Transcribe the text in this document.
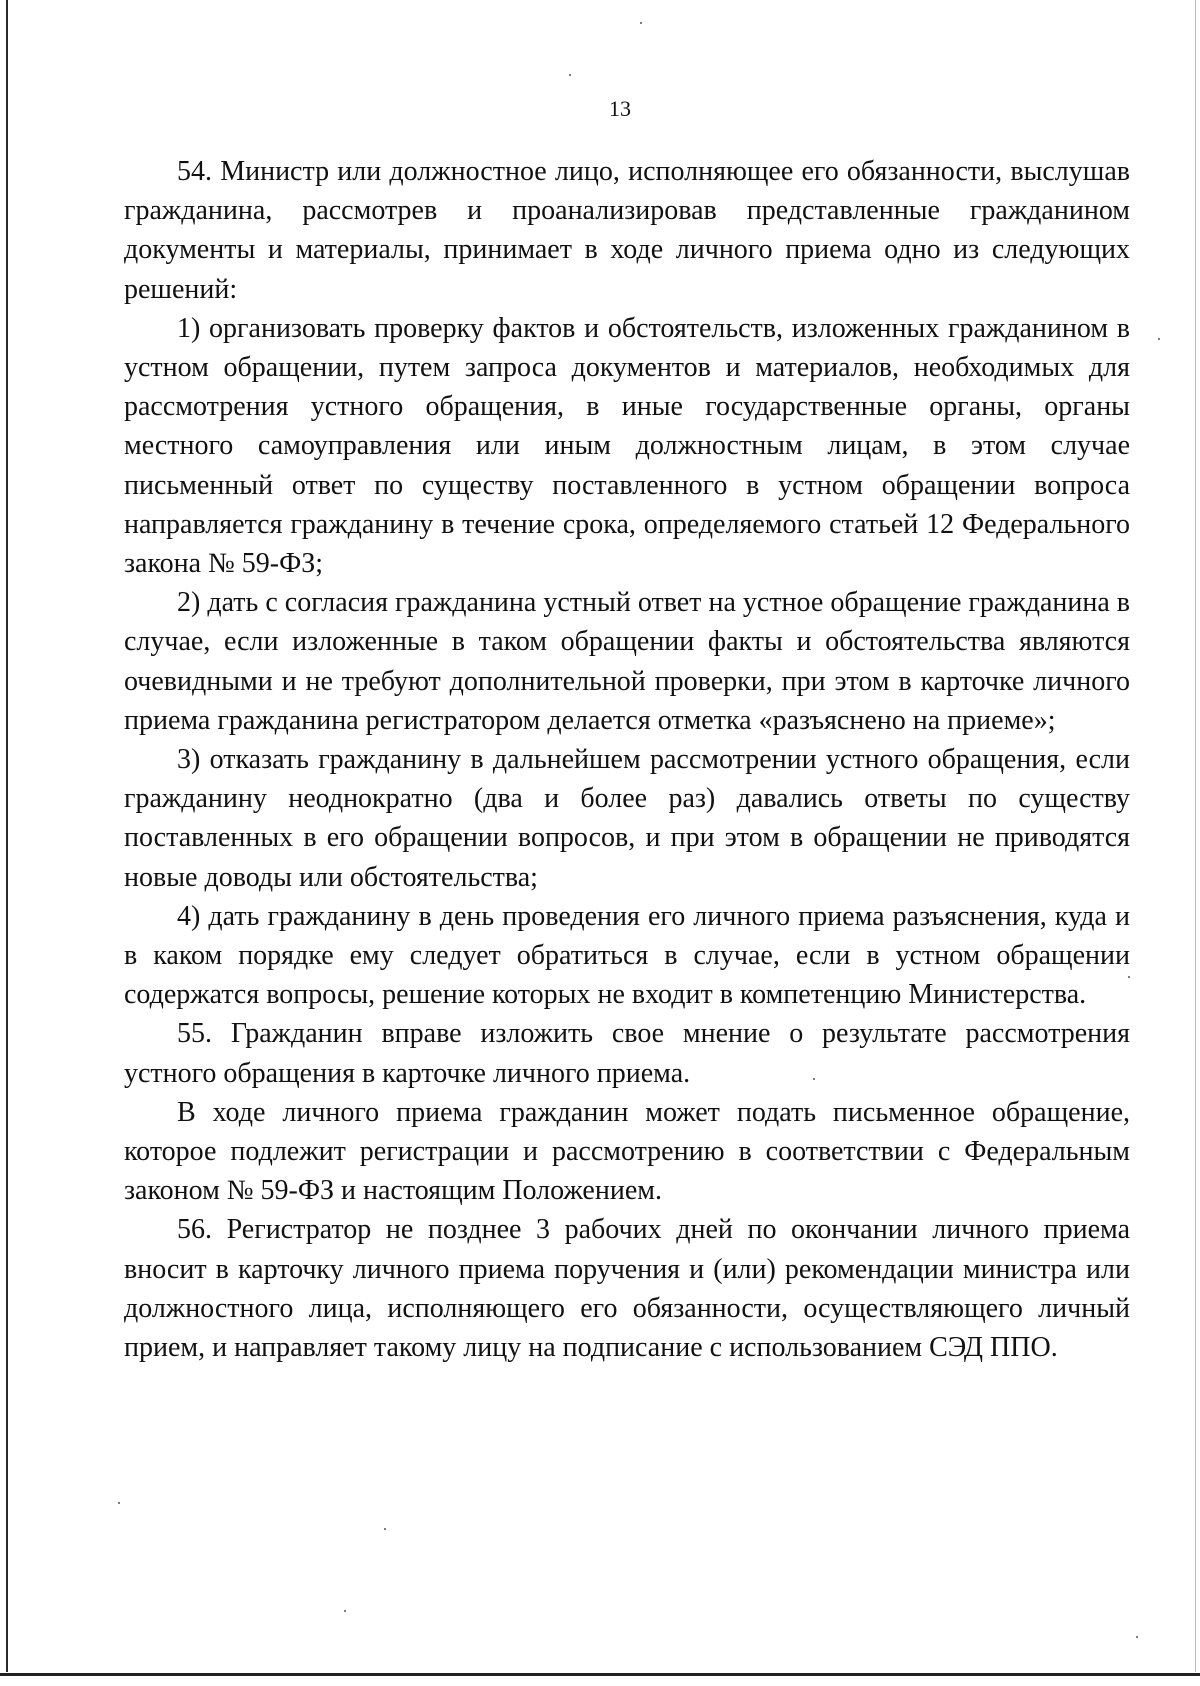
13

54. Министр или должностное лицо, исполняющее его обязанности, выслушав гражданина, рассмотрев и проанализировав представленные гражданином документы и материалы, принимает в ходе личного приема одно из следующих решений:

1) организовать проверку фактов и обстоятельств, изложенных гражданином в устном обращении, путем запроса документов и материалов, необходимых для рассмотрения устного обращения, в иные государственные органы, органы местного самоуправления или иным должностным лицам, в этом случае письменный ответ по существу поставленного в устном обращении вопроса направляется гражданину в течение срока, определяемого статьей 12 Федерального закона № 59-ФЗ;

2) дать с согласия гражданина устный ответ на устное обращение гражданина в случае, если изложенные в таком обращении факты и обстоятельства являются очевидными и не требуют дополнительной проверки, при этом в карточке личного приема гражданина регистратором делается отметка «разъяснено на приеме»;

3) отказать гражданину в дальнейшем рассмотрении устного обращения, если гражданину неоднократно (два и более раз) давались ответы по существу поставленных в его обращении вопросов, и при этом в обращении не приводятся новые доводы или обстоятельства;

4) дать гражданину в день проведения его личного приема разъяснения, куда и в каком порядке ему следует обратиться в случае, если в устном обращении содержатся вопросы, решение которых не входит в компетенцию Министерства.

55. Гражданин вправе изложить свое мнение о результате рассмотрения устного обращения в карточке личного приема.

В ходе личного приема гражданин может подать письменное обращение, которое подлежит регистрации и рассмотрению в соответствии с Федеральным законом № 59-ФЗ и настоящим Положением.

56. Регистратор не позднее 3 рабочих дней по окончании личного приема вносит в карточку личного приема поручения и (или) рекомендации министра или должностного лица, исполняющего его обязанности, осуществляющего личный прием, и направляет такому лицу на подписание с использованием СЭД ППО.
